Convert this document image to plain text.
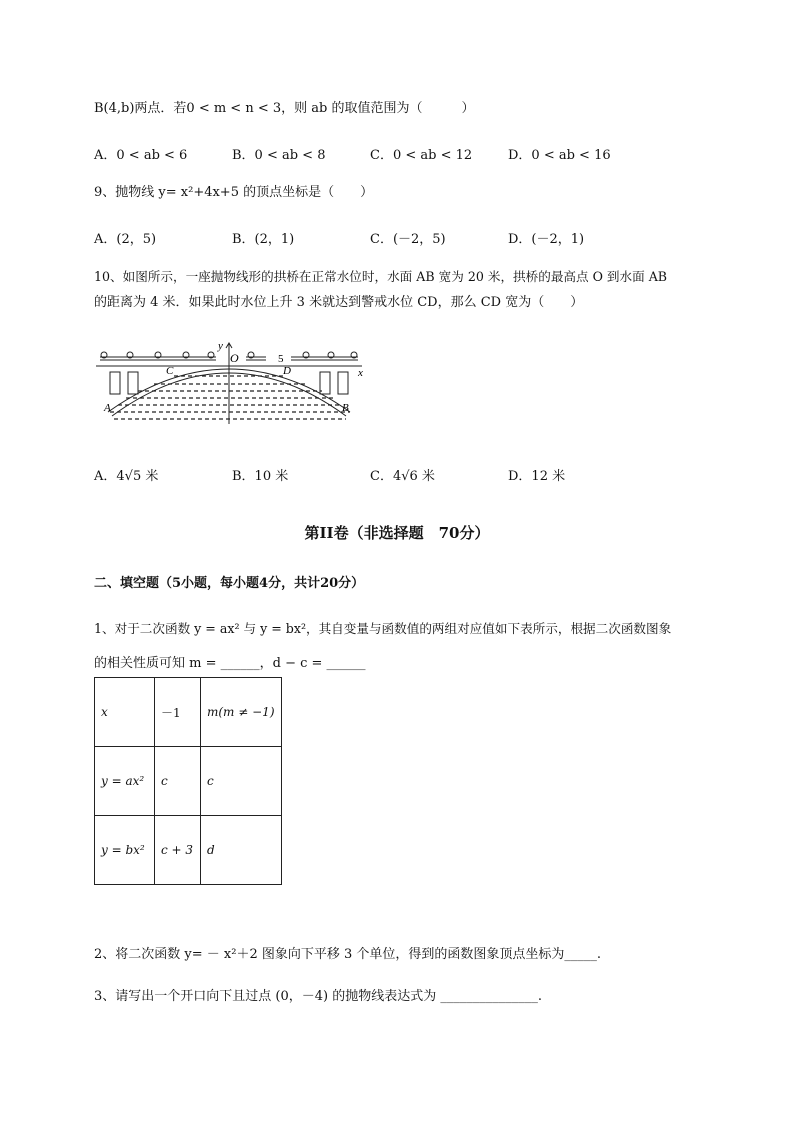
B(4,b)两点．若0 < m < n < 3，则 ab 的取值范围为（　　　）
A．0 < ab < 6	B．0 < ab < 8	C．0 < ab < 12	D．0 < ab < 16
9、抛物线 y= x²+4x+5 的顶点坐标是（　　）
A．(2，5)	B．(2，1)	C．(－2，5)	D．(－2，1)
10、如图所示，一座抛物线形的拱桥在正常水位时，水面 AB 宽为 20 米，拱桥的最高点 O 到水面 AB
的距离为 4 米．如果此时水位上升 3 米就达到警戒水位 CD，那么 CD 宽为（　　）
y
O	5
x
C	D
A	B
A．4√5 米	B．10 米	C．4√6 米	D．12 米
第II卷（非选择题　70分）
二、填空题（5小题，每小题4分，共计20分）
1、对于二次函数 y = ax² 与 y = bx²，其自变量与函数值的两组对应值如下表所示，根据二次函数图象
的相关性质可知 m = ______，d − c = ______
x	－1	m(m ≠ −1)
y = ax²	c	c
y = bx²	c + 3	d
2、将二次函数 y= － x²＋2 图象向下平移 3 个单位，得到的函数图象顶点坐标为_____.
3、请写出一个开口向下且过点 (0，－4) 的抛物线表达式为 _______________.
